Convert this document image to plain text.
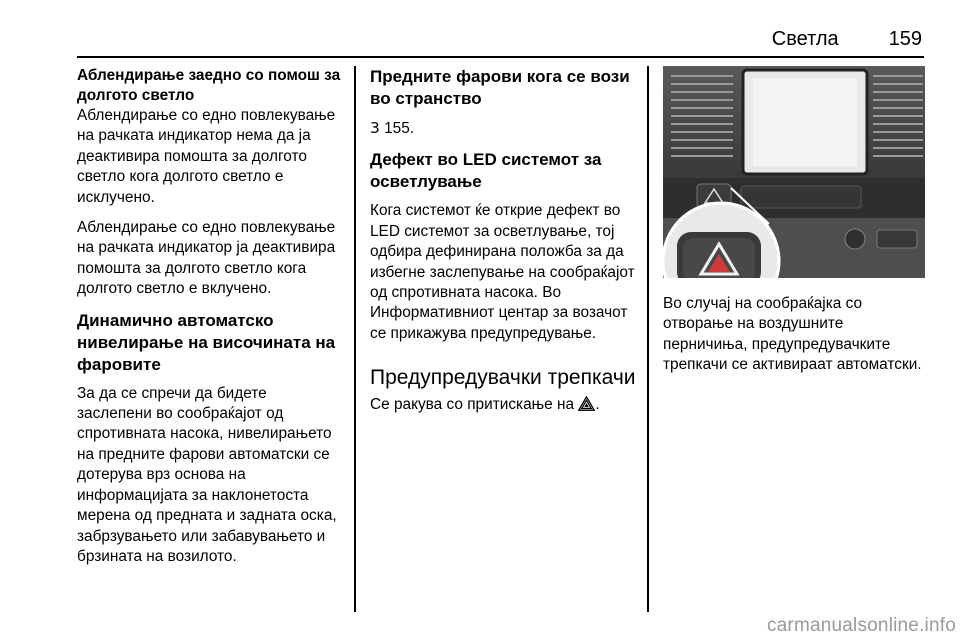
Светла	159
Аблендирање заедно со помош за долгото светло

Аблендирање со едно повлекување на рачката индикатор нема да ја деактивира помошта за долгото светло кога долгото светло е исклучено.

Аблендирање со едно повлекување на рачката индикатор ја деактивира помошта за долгото светло кога долгото светло е вклучено.

Динамично автоматско нивелирање на височината на фаровите

За да се спречи да бидете заслепени во сообраќајот од спротивната насока, нивелирањето на предните фарови автоматски се дотерува врз основа на информацијата за наклонетоста мерена од предната и задната оска, забрзувањето или забавувањето и брзината на возилото.

Предните фарови кога се вози во странство

3 155.

Дефект во LED системот за осветлување

Кога системот ќе открие дефект во LED системот за осветлување, тој одбира дефинирана положба за да избегне заслепување на сообраќајот од спротивната насока. Во Информативниот центар за возачот се прикажува предупредување.

Предупредувачки трепкачи

Се ракува со притискање на .

Во случај на сообраќајка со отворање на воздушните перничиња, предупредувачките трепкачи се активираат автоматски.

carmanualsonline.info
